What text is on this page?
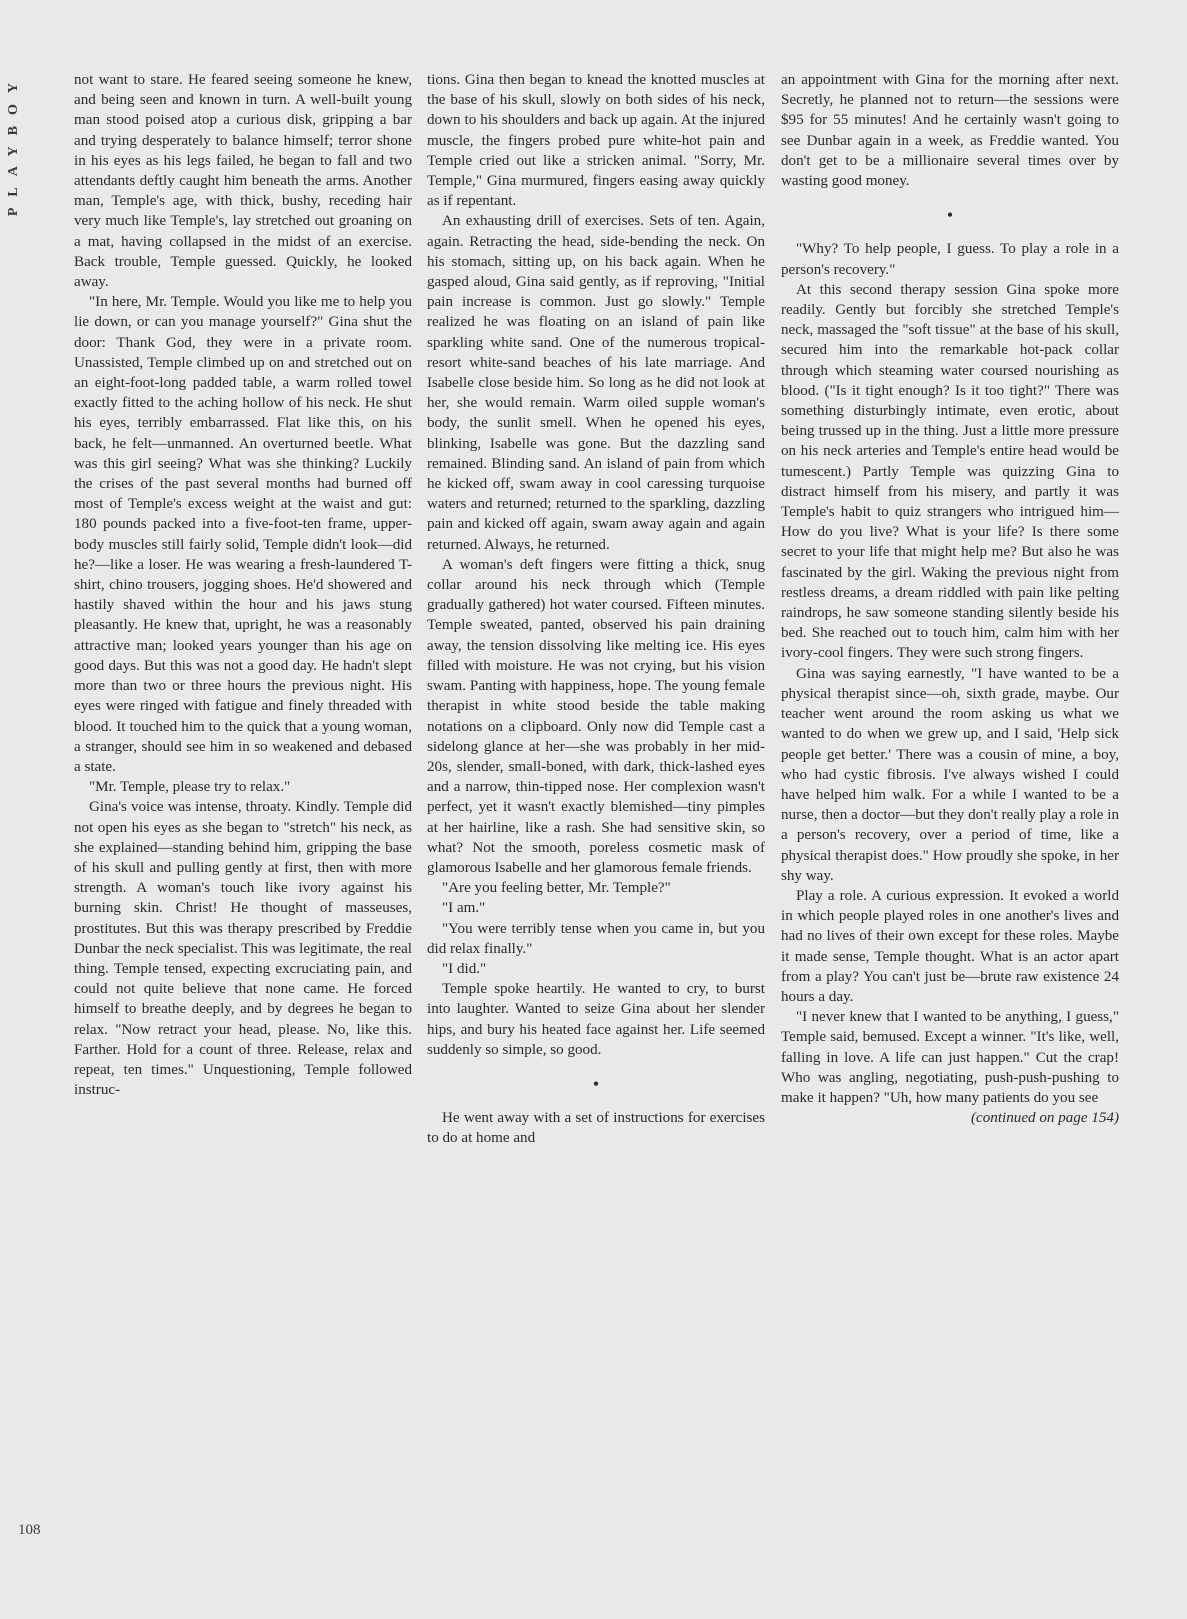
PLAYBOY
108

not want to stare. He feared seeing someone he knew, and being seen and known in turn. A well-built young man stood poised atop a curious disk, gripping a bar and trying desperately to balance himself; terror shone in his eyes as his legs failed, he began to fall and two attendants deftly caught him beneath the arms. Another man, Temple's age, with thick, bushy, receding hair very much like Temple's, lay stretched out groaning on a mat, having collapsed in the midst of an exercise. Back trouble, Temple guessed. Quickly, he looked away.

"In here, Mr. Temple. Would you like me to help you lie down, or can you manage yourself?" Gina shut the door: Thank God, they were in a private room. Unassisted, Temple climbed up on and stretched out on an eight-foot-long padded table, a warm rolled towel exactly fitted to the aching hollow of his neck. He shut his eyes, terribly embarrassed. Flat like this, on his back, he felt—unmanned. An overturned beetle. What was this girl seeing? What was she thinking? Luckily the crises of the past several months had burned off most of Temple's excess weight at the waist and gut: 180 pounds packed into a five-foot-ten frame, upper-body muscles still fairly solid, Temple didn't look—did he?—like a loser. He was wearing a fresh-laundered T-shirt, chino trousers, jogging shoes. He'd showered and hastily shaved within the hour and his jaws stung pleasantly. He knew that, upright, he was a reasonably attractive man; looked years younger than his age on good days. But this was not a good day. He hadn't slept more than two or three hours the previous night. His eyes were ringed with fatigue and finely threaded with blood. It touched him to the quick that a young woman, a stranger, should see him in so weakened and debased a state.

"Mr. Temple, please try to relax."

Gina's voice was intense, throaty. Kindly. Temple did not open his eyes as she began to "stretch" his neck, as she explained—standing behind him, gripping the base of his skull and pulling gently at first, then with more strength. A woman's touch like ivory against his burning skin. Christ! He thought of masseuses, prostitutes. But this was therapy prescribed by Freddie Dunbar the neck specialist. This was legitimate, the real thing. Temple tensed, expecting excruciating pain, and could not quite believe that none came. He forced himself to breathe deeply, and by degrees he began to relax. "Now retract your head, please. No, like this. Farther. Hold for a count of three. Release, relax and repeat, ten times." Unquestioning, Temple followed instruc-

tions. Gina then began to knead the knotted muscles at the base of his skull, slowly on both sides of his neck, down to his shoulders and back up again. At the injured muscle, the fingers probed pure white-hot pain and Temple cried out like a stricken animal. "Sorry, Mr. Temple," Gina murmured, fingers easing away quickly as if repentant.

An exhausting drill of exercises. Sets of ten. Again, again. Retracting the head, side-bending the neck. On his stomach, sitting up, on his back again. When he gasped aloud, Gina said gently, as if reproving, "Initial pain increase is common. Just go slowly." Temple realized he was floating on an island of pain like sparkling white sand. One of the numerous tropical-resort white-sand beaches of his late marriage. And Isabelle close beside him. So long as he did not look at her, she would remain. Warm oiled supple woman's body, the sunlit smell. When he opened his eyes, blinking, Isabelle was gone. But the dazzling sand remained. Blinding sand. An island of pain from which he kicked off, swam away in cool caressing turquoise waters and returned; returned to the sparkling, dazzling pain and kicked off again, swam away again and again returned. Always, he returned.

A woman's deft fingers were fitting a thick, snug collar around his neck through which (Temple gradually gathered) hot water coursed. Fifteen minutes. Temple sweated, panted, observed his pain draining away, the tension dissolving like melting ice. His eyes filled with moisture. He was not crying, but his vision swam. Panting with happiness, hope. The young female therapist in white stood beside the table making notations on a clipboard. Only now did Temple cast a sidelong glance at her—she was probably in her mid-20s, slender, small-boned, with dark, thick-lashed eyes and a narrow, thin-tipped nose. Her complexion wasn't perfect, yet it wasn't exactly blemished—tiny pimples at her hairline, like a rash. She had sensitive skin, so what? Not the smooth, poreless cosmetic mask of glamorous Isabelle and her glamorous female friends.

"Are you feeling better, Mr. Temple?"

"I am."

"You were terribly tense when you came in, but you did relax finally."

"I did."

Temple spoke heartily. He wanted to cry, to burst into laughter. Wanted to seize Gina about her slender hips, and bury his heated face against her. Life seemed suddenly so simple, so good.

•

He went away with a set of instructions for exercises to do at home and

an appointment with Gina for the morning after next. Secretly, he planned not to return—the sessions were $95 for 55 minutes! And he certainly wasn't going to see Dunbar again in a week, as Freddie wanted. You don't get to be a millionaire several times over by wasting good money.

•

"Why? To help people, I guess. To play a role in a person's recovery."

At this second therapy session Gina spoke more readily. Gently but forcibly she stretched Temple's neck, massaged the "soft tissue" at the base of his skull, secured him into the remarkable hot-pack collar through which steaming water coursed nourishing as blood. ("Is it tight enough? Is it too tight?" There was something disturbingly intimate, even erotic, about being trussed up in the thing. Just a little more pressure on his neck arteries and Temple's entire head would be tumescent.) Partly Temple was quizzing Gina to distract himself from his misery, and partly it was Temple's habit to quiz strangers who intrigued him—How do you live? What is your life? Is there some secret to your life that might help me? But also he was fascinated by the girl. Waking the previous night from restless dreams, a dream riddled with pain like pelting raindrops, he saw someone standing silently beside his bed. She reached out to touch him, calm him with her ivory-cool fingers. They were such strong fingers.

Gina was saying earnestly, "I have wanted to be a physical therapist since—oh, sixth grade, maybe. Our teacher went around the room asking us what we wanted to do when we grew up, and I said, 'Help sick people get better.' There was a cousin of mine, a boy, who had cystic fibrosis. I've always wished I could have helped him walk. For a while I wanted to be a nurse, then a doctor—but they don't really play a role in a person's recovery, over a period of time, like a physical therapist does." How proudly she spoke, in her shy way.

Play a role. A curious expression. It evoked a world in which people played roles in one another's lives and had no lives of their own except for these roles. Maybe it made sense, Temple thought. What is an actor apart from a play? You can't just be—brute raw existence 24 hours a day.

"I never knew that I wanted to be anything, I guess," Temple said, bemused. Except a winner. "It's like, well, falling in love. A life can just happen." Cut the crap! Who was angling, negotiating, push-push-pushing to make it happen? "Uh, how many patients do you see

(continued on page 154)
